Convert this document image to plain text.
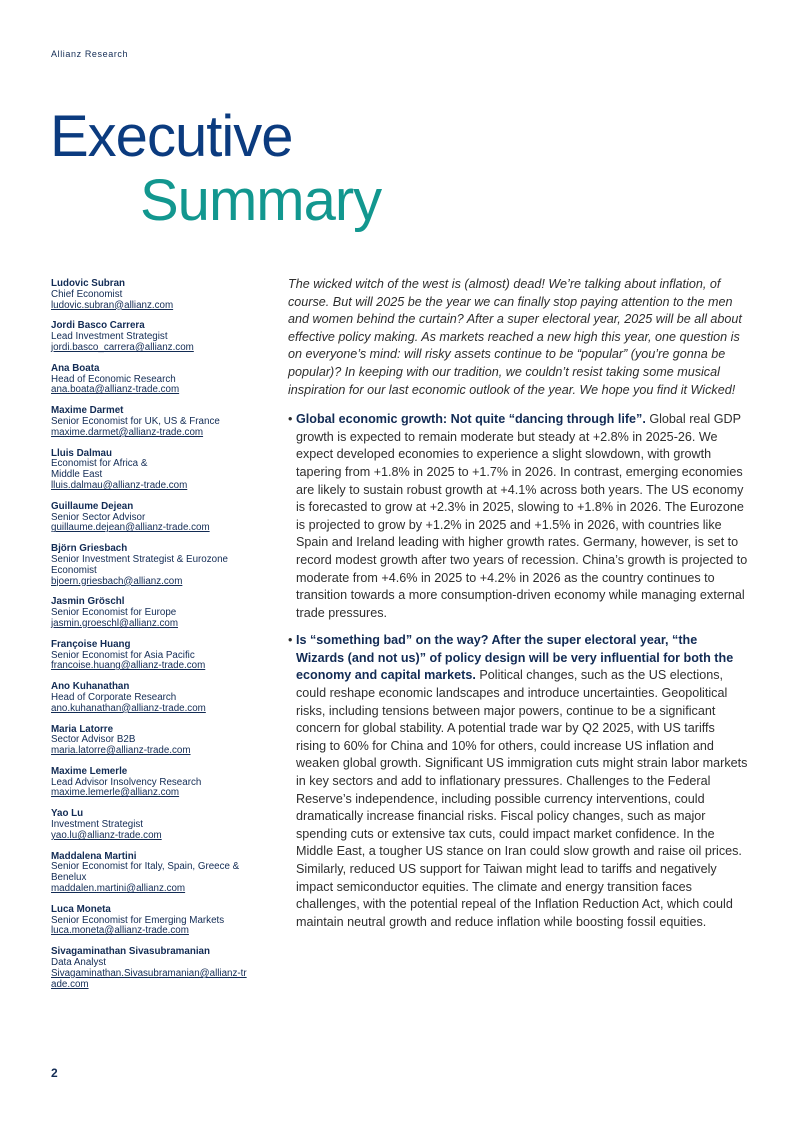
Allianz Research
Executive
Summary
Ludovic Subran
Chief Economist
ludovic.subran@allianz.com
Jordi Basco Carrera
Lead Investment Strategist
jordi.basco_carrera@allianz.com
Ana Boata
Head of Economic Research
ana.boata@allianz-trade.com
Maxime Darmet
Senior Economist for UK, US & France
maxime.darmet@allianz-trade.com
Lluis Dalmau
Economist for Africa & Middle East
lluis.dalmau@allianz-trade.com
Guillaume Dejean
Senior Sector Advisor
guillaume.dejean@allianz-trade.com
Björn Griesbach
Senior Investment Strategist & Eurozone Economist
bjoern.griesbach@allianz.com
Jasmin Gröschl
Senior Economist for Europe
jasmin.groeschl@allianz.com
Françoise Huang
Senior Economist for Asia Pacific
francoise.huang@allianz-trade.com
Ano Kuhanathan
Head of Corporate Research
ano.kuhanathan@allianz-trade.com
Maria Latorre
Sector Advisor B2B
maria.latorre@allianz-trade.com
Maxime Lemerle
Lead Advisor Insolvency Research
maxime.lemerle@allianz.com
Yao Lu
Investment Strategist
yao.lu@allianz-trade.com
Maddalena Martini
Senior Economist for Italy, Spain, Greece & Benelux
maddalen.martini@allianz.com
Luca Moneta
Senior Economist for Emerging Markets
luca.moneta@allianz-trade.com
Sivagaminathan Sivasubramanian
Data Analyst
Sivagaminathan.Sivasubramanian@allianz-trade.com

The wicked witch of the west is (almost) dead! We’re talking about inflation, of course. But will 2025 be the year we can finally stop paying attention to the men and women behind the curtain? After a super electoral year, 2025 will be all about effective policy making. As markets reached a new high this year, one question is on everyone’s mind: will risky assets continue to be “popular” (you’re gonna be popular)? In keeping with our tradition, we couldn’t resist taking some musical inspiration for our last economic outlook of the year. We hope you find it Wicked!

• Global economic growth: Not quite “dancing through life”. Global real GDP growth is expected to remain moderate but steady at +2.8% in 2025-26. We expect developed economies to experience a slight slowdown, with growth tapering from +1.8% in 2025 to +1.7% in 2026. In contrast, emerging economies are likely to sustain robust growth at +4.1% across both years. The US economy is forecasted to grow at +2.3% in 2025, slowing to +1.8% in 2026. The Eurozone is projected to grow by +1.2% in 2025 and +1.5% in 2026, with countries like Spain and Ireland leading with higher growth rates. Germany, however, is set to record modest growth after two years of recession. China’s growth is projected to moderate from +4.6% in 2025 to +4.2% in 2026 as the country continues to transition towards a more consumption-driven economy while managing external trade pressures.
• Is “something bad” on the way? After the super electoral year, “the Wizards (and not us)” of policy design will be very influential for both the economy and capital markets. Political changes, such as the US elections, could reshape economic landscapes and introduce uncertainties. Geopolitical risks, including tensions between major powers, continue to be a significant concern for global stability. A potential trade war by Q2 2025, with US tariffs rising to 60% for China and 10% for others, could increase US inflation and weaken global growth. Significant US immigration cuts might strain labor markets in key sectors and add to inflationary pressures. Challenges to the Federal Reserve’s independence, including possible currency interventions, could dramatically increase financial risks. Fiscal policy changes, such as major spending cuts or extensive tax cuts, could impact market confidence. In the Middle East, a tougher US stance on Iran could slow growth and raise oil prices. Similarly, reduced US support for Taiwan might lead to tariffs and negatively impact semiconductor equities. The climate and energy transition faces challenges, with the potential repeal of the Inflation Reduction Act, which could maintain neutral growth and reduce inflation while boosting fossil equities.
2
